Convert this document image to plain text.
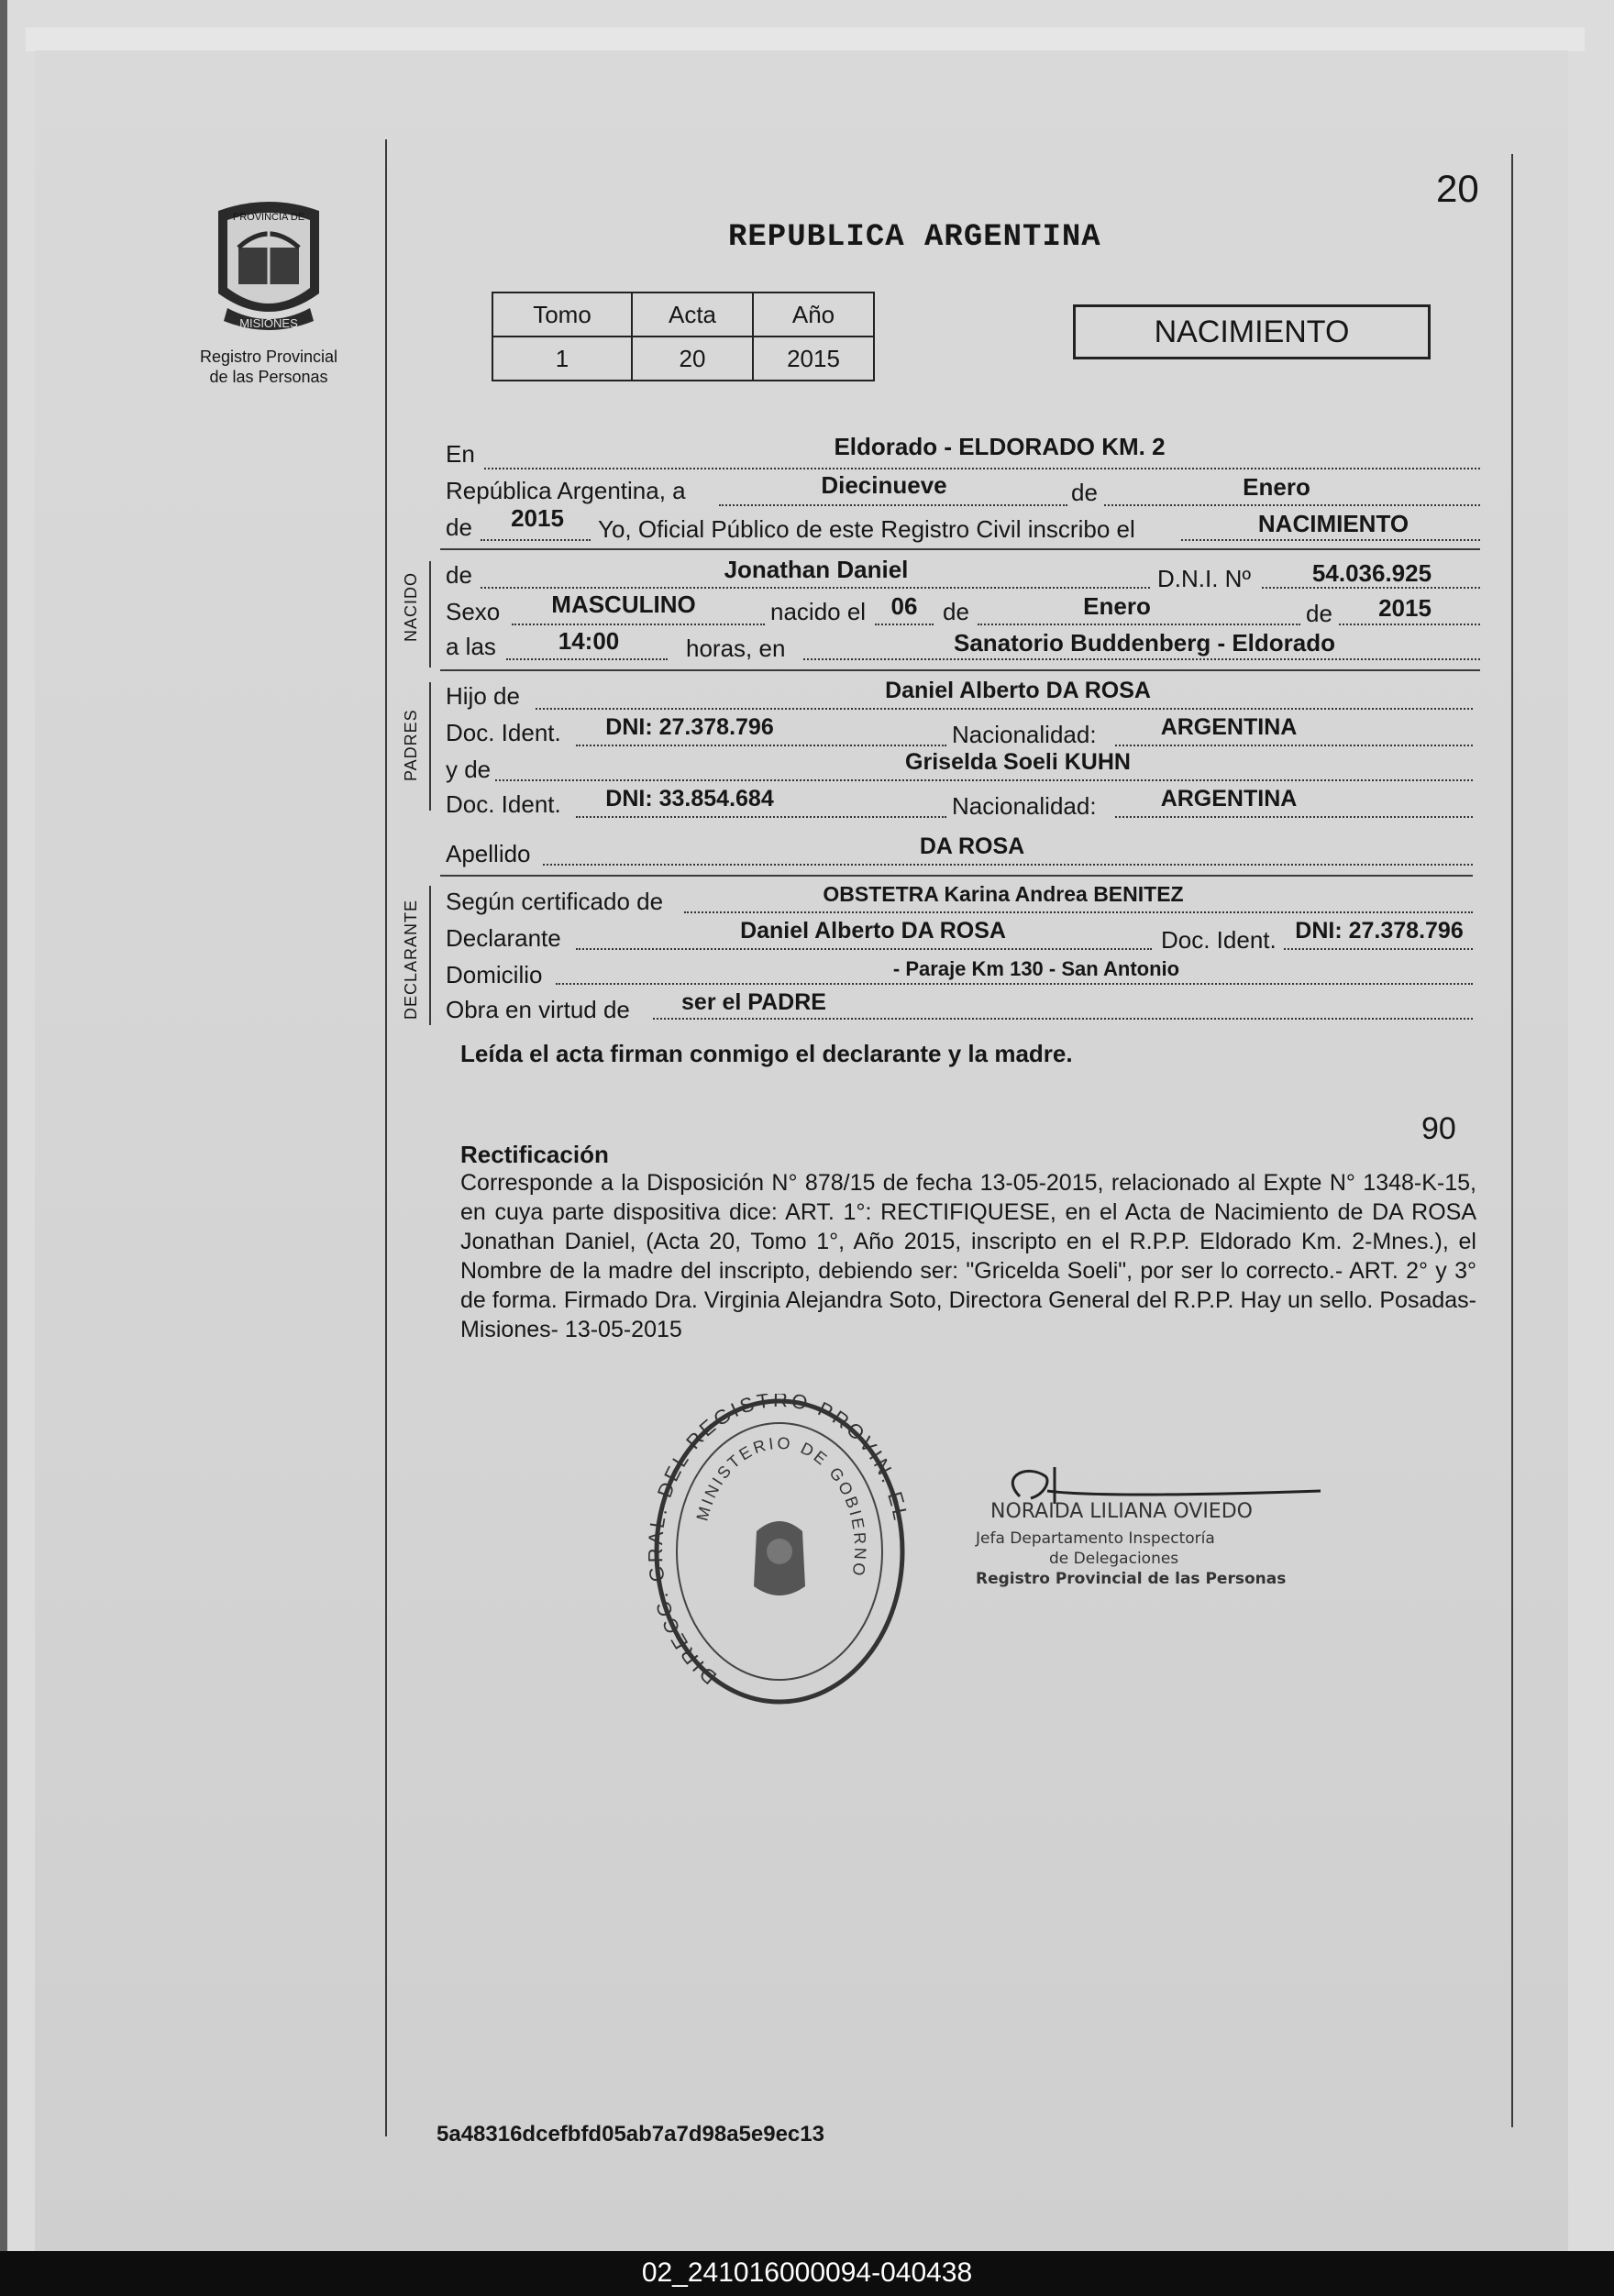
PROVINCIA DE
MISIONES
Registro Provincial
de las Personas
20
REPUBLICA ARGENTINA
Tomo	Acta	Año
1	20	2015
NACIMIENTO
En	Eldorado - ELDORADO KM. 2
República Argentina, a	Diecinueve	de	Enero
de 2015 Yo, Oficial Público de este Registro Civil inscribo el	NACIMIENTO
NACIDO de	Jonathan Daniel	D.N.I. Nº	54.036.925
Sexo MASCULINO	nacido el 06 de	Enero	de 2015
a las	14:00	horas, en	Sanatorio Buddenberg - Eldorado
PADRES
Hijo de	Daniel Alberto DA ROSA
Doc. Ident. DNI: 27.378.796	Nacionalidad:	ARGENTINA
y de	Griselda Soeli KUHN
Doc. Ident. DNI: 33.854.684	Nacionalidad:	ARGENTINA
Apellido	DA ROSA
DECLARANTE Según certificado de	OBSTETRA Karina Andrea BENITEZ
Declarante	Daniel Alberto DA ROSA	Doc. Ident. DNI: 27.378.796
Domicilio	- Paraje Km 130 - San Antonio
Obra en virtud de ser el PADRE
Leída el acta firman conmigo el declarante y la madre.
90
Rectificación
Corresponde a la Disposición N° 878/15 de fecha 13-05-2015, relacionado al Expte N° 1348-K-15, en cuya parte dispositiva dice: ART. 1°: RECTIFIQUESE, en el Acta de Nacimiento de DA ROSA Jonathan Daniel, (Acta 20, Tomo 1°, Año 2015, inscripto en el R.P.P. Eldorado Km. 2-Mnes.), el Nombre de la madre del inscripto, debiendo ser: "Gricelda Soeli", por ser lo correcto.- ART. 2° y 3° de forma. Firmado Dra. Virginia Alejandra Soto, Directora General del R.P.P. Hay un sello. Posadas- Misiones- 13-05-2015
DIRECC. GRAL. DEL REGISTRO PROVIN. EL
MINISTERIO DE GOBIERNO
NORAIDA LILIANA OVIEDO
Jefa Departamento Inspectoría
de Delegaciones
Registro Provincial de las Personas
5a48316dcefbfd05ab7a7d98a5e9ec13
02_241016000094-040438
